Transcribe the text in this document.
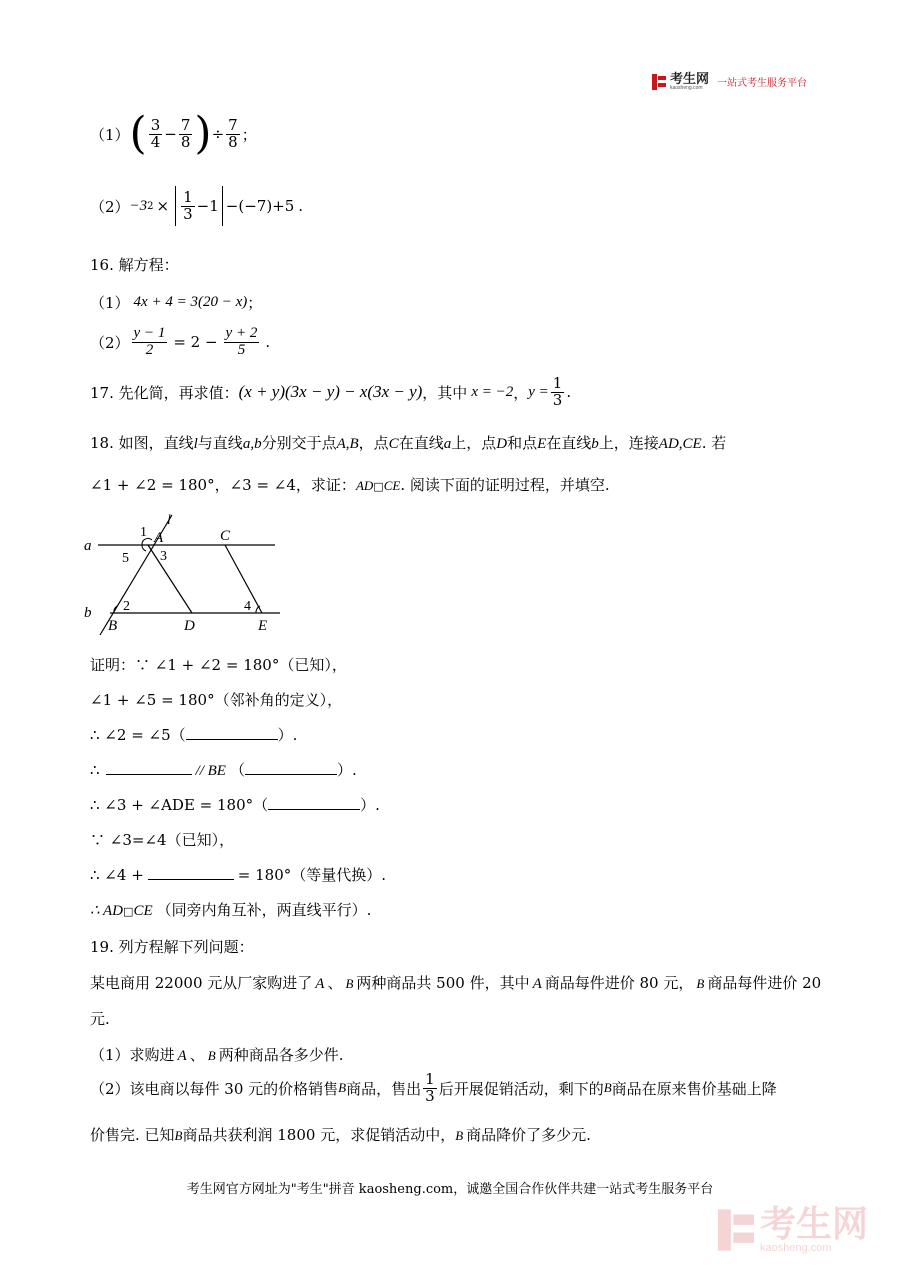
考生网
kaosheng.com	一站式考生服务平台
（1） ( $\frac{3}{4} - \frac{7}{8}$ ) ÷ $\frac{7}{8}$ ；
（2） −3 $2 \times \frac{1}{3} -1 -(-7)+5$ .
16. 解方程：
（1） 4x + 4 = 3(20 − x) ；
$(2) \frac{y - 1}{2} = 2 - \frac{y + 2}{5}$ .
17. 先化简，再求值： (x + y)(3x − y) − x(3x − y) ，其中 x = −2 ， $y = \frac{1}{3}$ .
18. 如图，直线l与直线a,b分别交于点A,B，点C在直线a上，点D和点E在直线b上，连接AD,CE. 若
∠1 + ∠2 = 180°，∠3 = ∠4，求证：AD□CE. 阅读下面的证明过程，并填空.
a
b
l
A	C
B	D	E
1
5 3
2	4
证明：∵ ∠1 + ∠2 = 180°（已知），
∠1 + ∠5 = 180°（邻补角的定义），
∴ ∠2 = ∠5（	）.
∴	// BE （	）.
∴ ∠3 + ∠ADE = 180°（	）.
∵ ∠3=∠4（已知），
∴ ∠4 +	= 180°（等量代换）.
∴ AD□CE （同旁内角互补，两直线平行）.
19. 列方程解下列问题：
某电商用 22000 元从厂家购进了 A 、 B 两种商品共 500 件，其中 A 商品每件进价 80 元， B 商品每件进价 20
元.
（1）求购进 A 、 B 两种商品各多少件.
（2）该电商以每件 30 元的价格销售 B 商品，售出 $\frac{1}{3}$ 后开展促销活动，剩下的 B 商品在原来售价基础上降
价售完. 已知B商品共获利润 1800 元，求促销活动中，B 商品降价了多少元.
考生网官方网址为"考生"拼音 kaosheng.com，诚邀全国合作伙伴共建一站式考生服务平台
考生网
kaosheng.com
